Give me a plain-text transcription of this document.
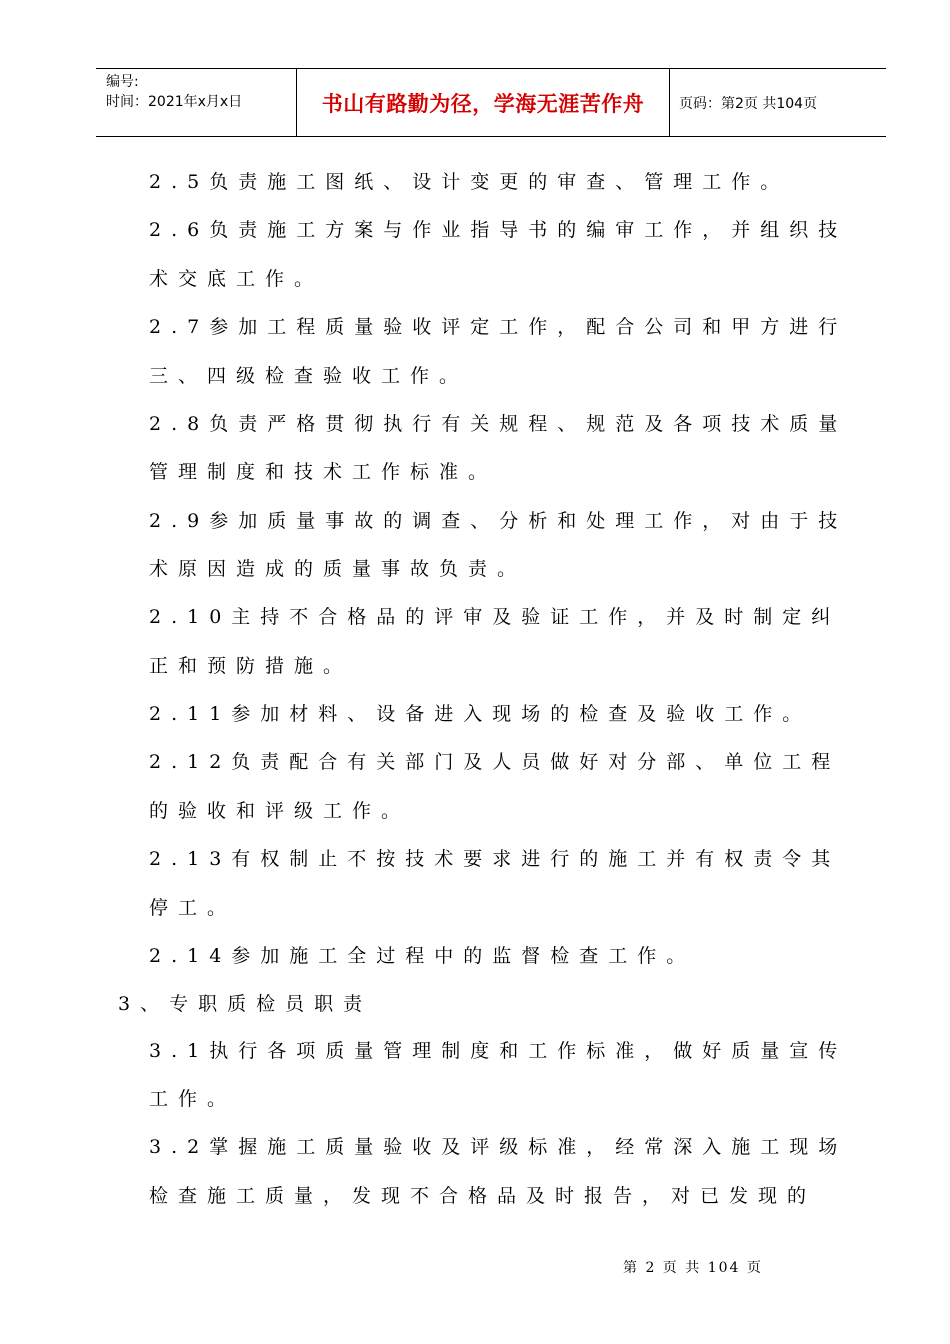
编号:
时间：2021年x月x日	书山有路勤为径，学海无涯苦作舟	页码：第2页 共104页
2.5负责施工图纸、设计变更的审查、管理工作。
2.6负责施工方案与作业指导书的编审工作，并组织技
术交底工作。
2.7参加工程质量验收评定工作，配合公司和甲方进行
三、四级检查验收工作。
2.8负责严格贯彻执行有关规程、规范及各项技术质量
管理制度和技术工作标准。
2.9参加质量事故的调查、分析和处理工作，对由于技
术原因造成的质量事故负责。
2.10主持不合格品的评审及验证工作，并及时制定纠
正和预防措施。
2.11参加材料、设备进入现场的检查及验收工作。
2.12负责配合有关部门及人员做好对分部、单位工程
的验收和评级工作。
2.13有权制止不按技术要求进行的施工并有权责令其
停工。
2.14参加施工全过程中的监督检查工作。
3、专职质检员职责
3.1执行各项质量管理制度和工作标准，做好质量宣传
工作。
3.2掌握施工质量验收及评级标准，经常深入施工现场
检查施工质量，发现不合格品及时报告，对已发现的
第 2 页 共 104 页
